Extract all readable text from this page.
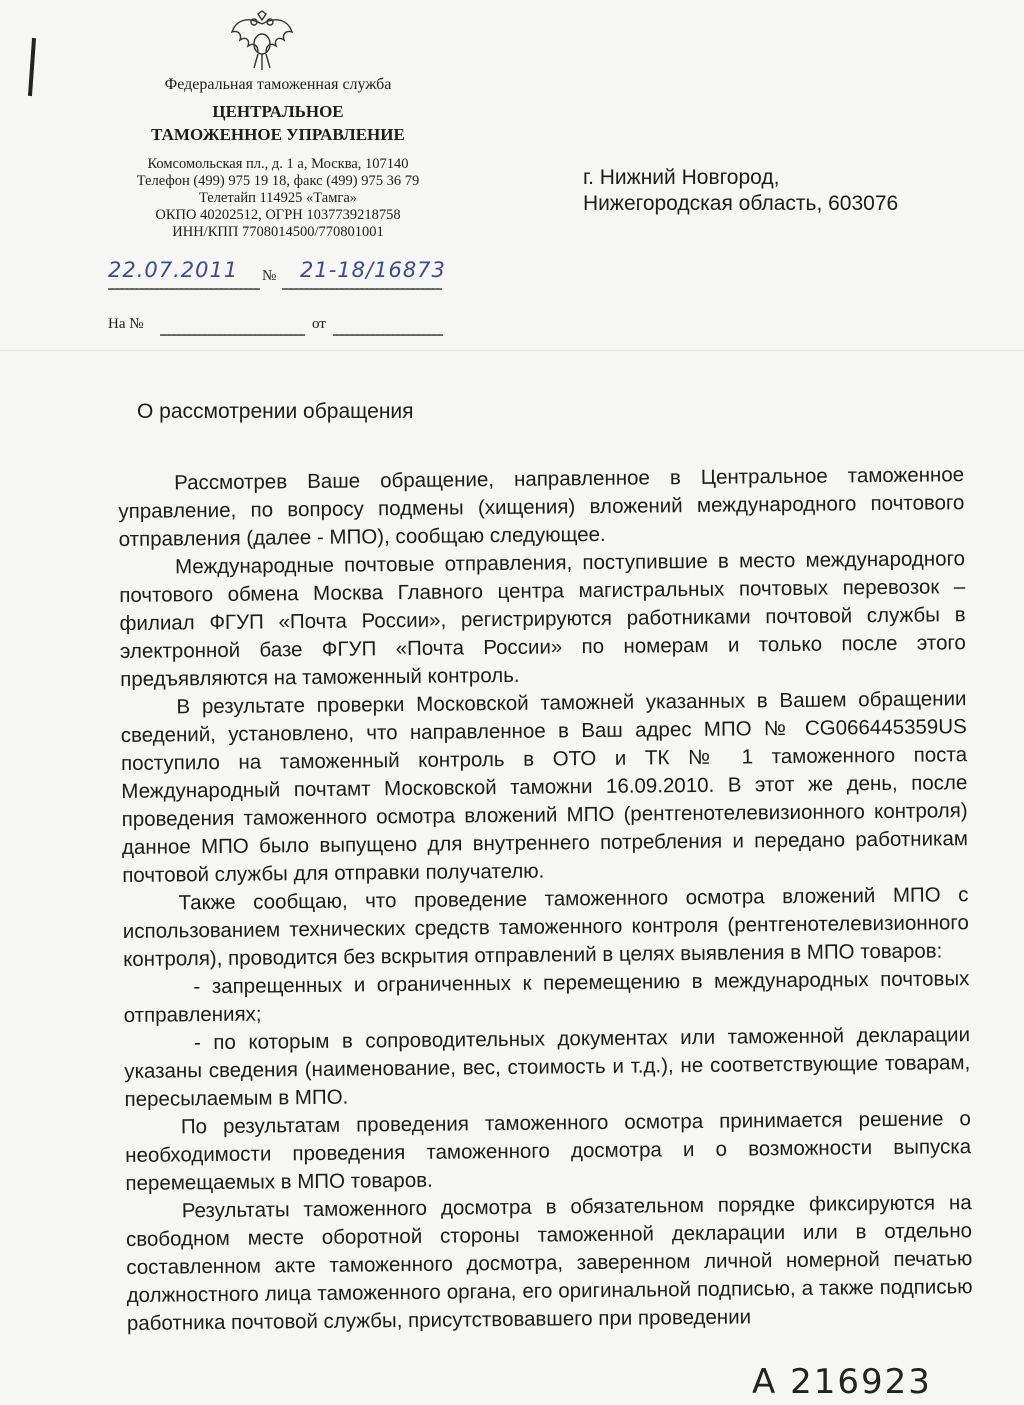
Федеральная таможенная служба
ЦЕНТРАЛЬНОЕ
ТАМОЖЕННОЕ УПРАВЛЕНИЕ
Комсомольская пл., д. 1 а, Москва, 107140
Телефон (499) 975 19 18, факс (499) 975 36 79
Телетайп 114925 «Тамга»
ОКПО 40202512, ОГРН 1037739218758
ИНН/КПП 7708014500/770801001
22.07.2011 № 21-18/16873
На №	от
г. Нижний Новгород,
Нижегородская область, 603076
О рассмотрении обращения

Рассмотрев Ваше обращение, направленное в Центральное таможенное управление, по вопросу подмены (хищения) вложений международного почтового отправления (далее - МПО), сообщаю следующее.

Международные почтовые отправления, поступившие в место международного почтового обмена Москва Главного центра магистральных почтовых перевозок – филиал ФГУП «Почта России», регистрируются работниками почтовой службы в электронной базе ФГУП «Почта России» по номерам и только после этого предъявляются на таможенный контроль.

В результате проверки Московской таможней указанных в Вашем обращении сведений, установлено, что направленное в Ваш адрес МПО № CG066445359US поступило на таможенный контроль в ОТО и ТК № 1 таможенного поста Международный почтамт Московской таможни 16.09.2010. В этот же день, после проведения таможенного осмотра вложений МПО (рентгенотелевизионного контроля) данное МПО было выпущено для внутреннего потребления и передано работникам почтовой службы для отправки получателю.

Также сообщаю, что проведение таможенного осмотра вложений МПО с использованием технических средств таможенного контроля (рентгенотелевизионного контроля), проводится без вскрытия отправлений в целях выявления в МПО товаров:

- запрещенных и ограниченных к перемещению в международных почтовых отправлениях;

- по которым в сопроводительных документах или таможенной декларации указаны сведения (наименование, вес, стоимость и т.д.), не соответствующие товарам, пересылаемым в МПО.

По результатам проведения таможенного осмотра принимается решение о необходимости проведения таможенного досмотра и о возможности выпуска перемещаемых в МПО товаров.

Результаты таможенного досмотра в обязательном порядке фиксируются на свободном месте оборотной стороны таможенной декларации или в отдельно составленном акте таможенного досмотра, заверенном личной номерной печатью должностного лица таможенного органа, его оригинальной подписью, а также подписью работника почтовой службы, присутствовавшего при проведении

А 216923
